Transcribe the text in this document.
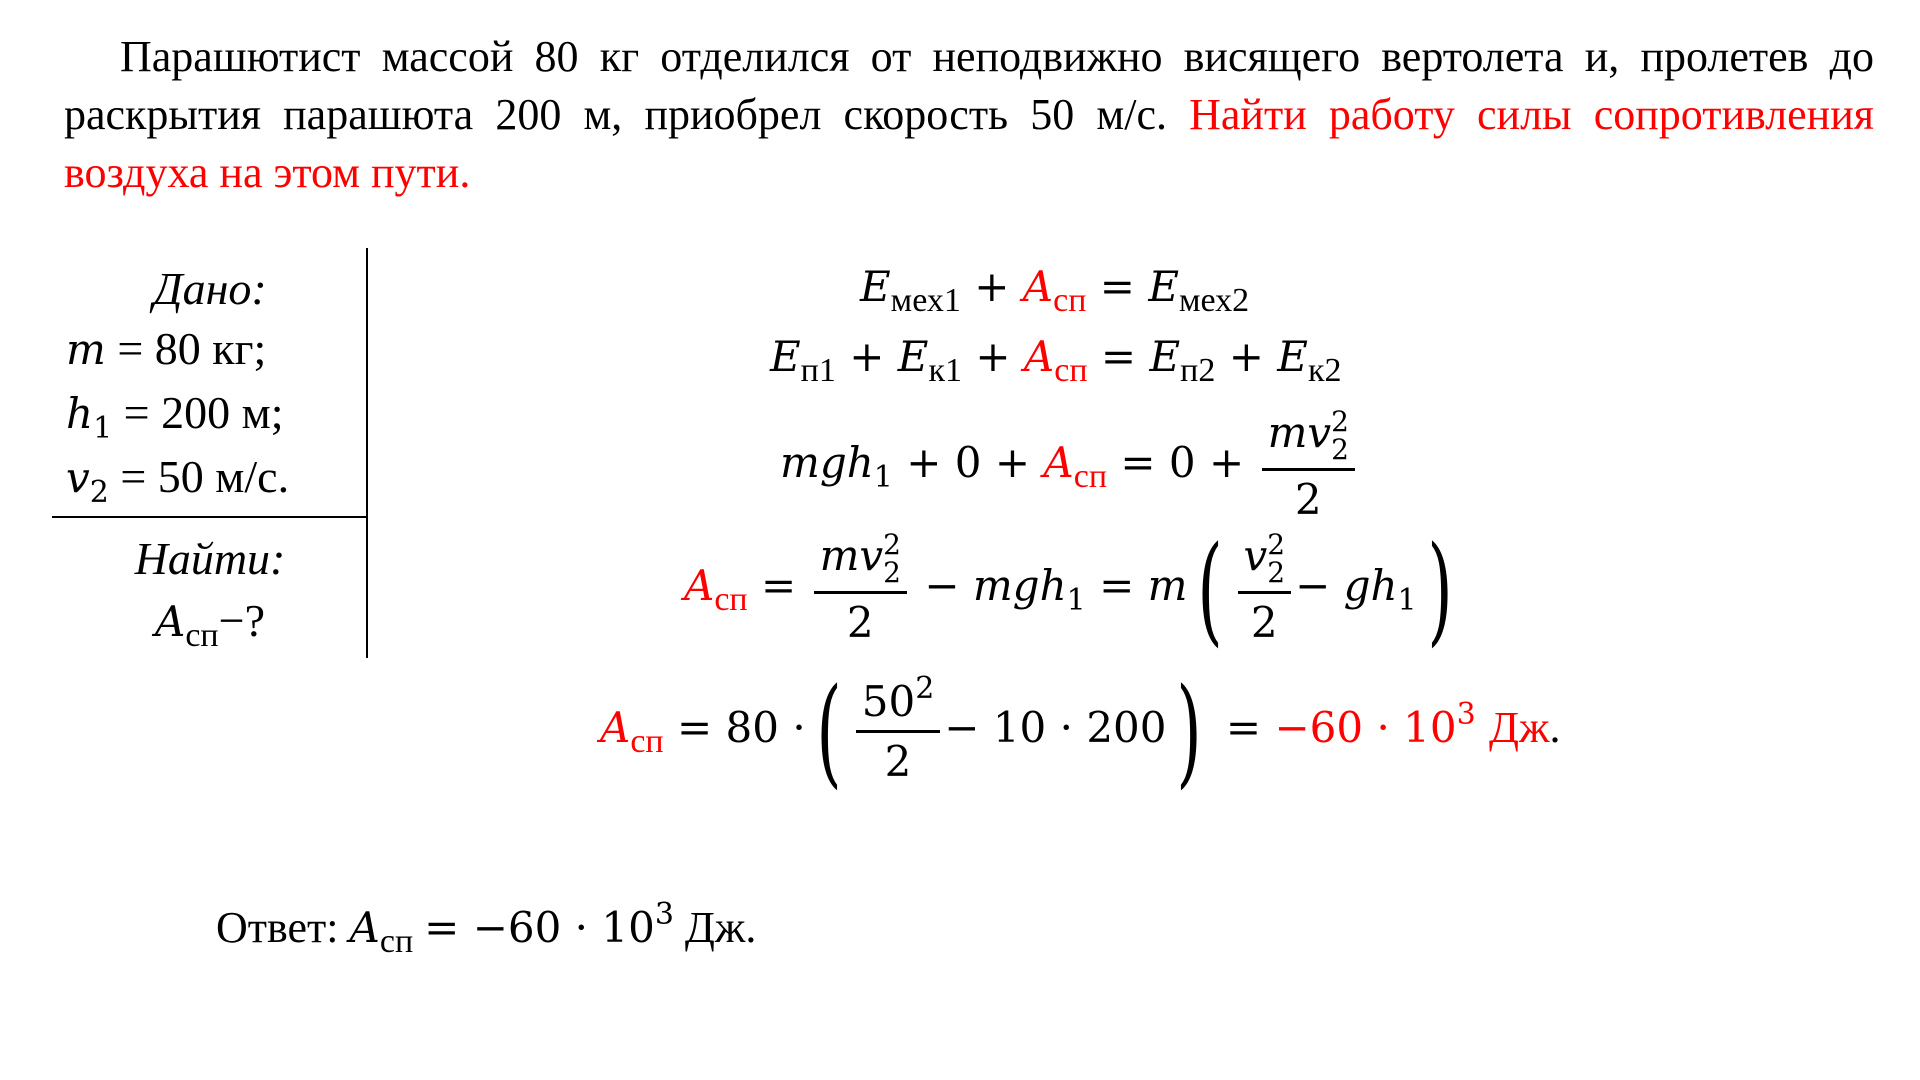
Парашютист массой 80 кг отделился от неподвижно висящего вертолета и, пролетев до раскрытия парашюта 200 м, приобрел скорость 50 м/с. Найти работу силы сопротивления воздуха на этом пути.
Дано:
m = 80 кг;
$h_1 = 200$ м;
$v_2 = 50$ м/с.
Найти:
$A_{сп}-$?
$E_{мех1} + A_{сп} = E_{мех2}$
$E_{п1} + E_{к1} + A_{сп} = E_{п2} + E_{к2}$
$mgh_1 + 0 + A_{сп} = 0$ + mv 2
2
2
$A_{сп}$ = mv 2
2
2 − mgh$_1$ = m( v 2
2
$2 - gh_1$)
$A_{сп} = 80$ ·( $\frac{50^2}{2} - 10 \cdot 200) = -60 \cdot 10^3$ Дж.
Ответ: $A_{сп} = -60 \cdot 10^3$ Дж.
